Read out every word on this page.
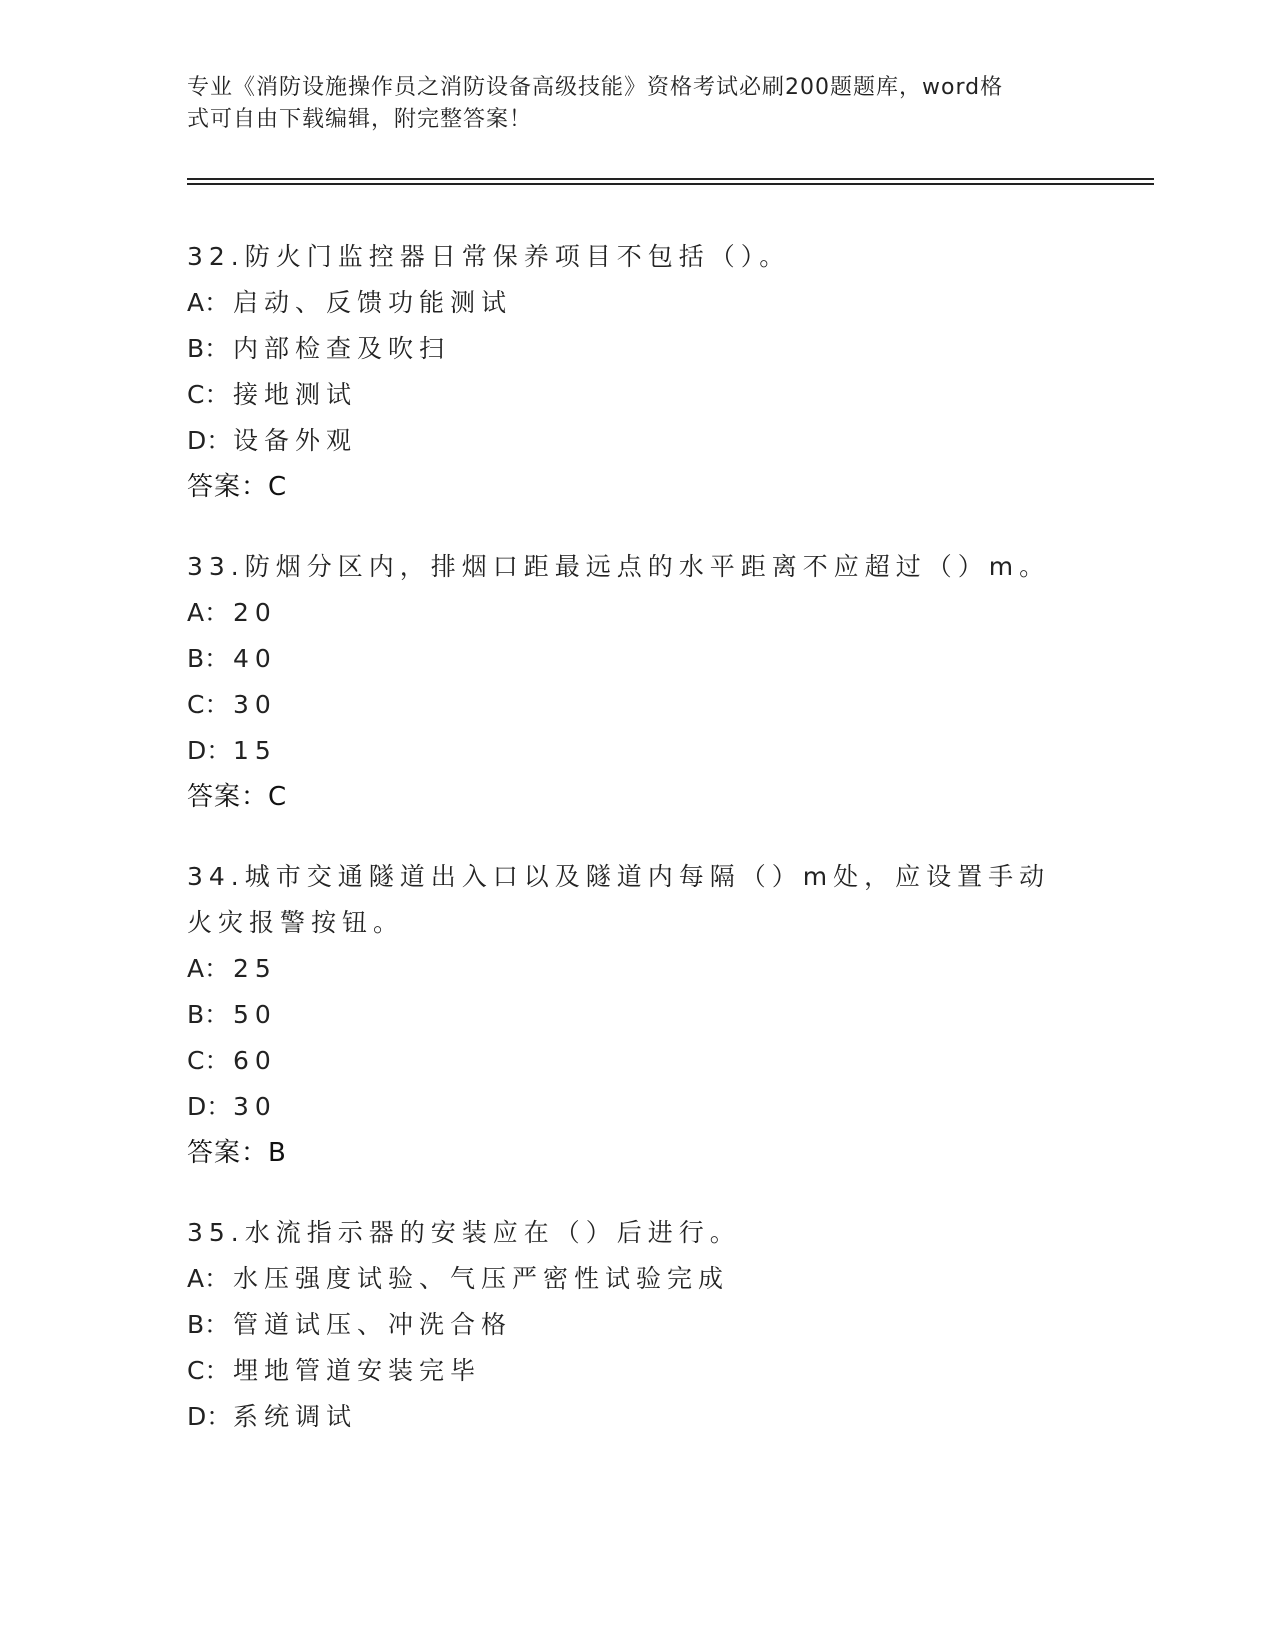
专业《消防设施操作员之消防设备高级技能》资格考试必刷200题题库，word格
式可自由下载编辑，附完整答案！

32.防火门监控器日常保养项目不包括（）。

A： 启动、反馈功能测试

B： 内部检查及吹扫

C： 接地测试

D：设备外观

答案：C

33.防烟分区内，排烟口距最远点的水平距离不应超过（）m。

A： 20

B： 40

C： 30

D：15

答案：C

34.城市交通隧道出入口以及隧道内每隔（）m处，应设置手动火灾报警按钮。

A： 25

B： 50

C： 60

D：30

答案：B

35.水流指示器的安装应在（）后进行。

A： 水压强度试验、气压严密性试验完成

B： 管道试压、冲洗合格

C： 埋地管道安装完毕

D：系统调试
